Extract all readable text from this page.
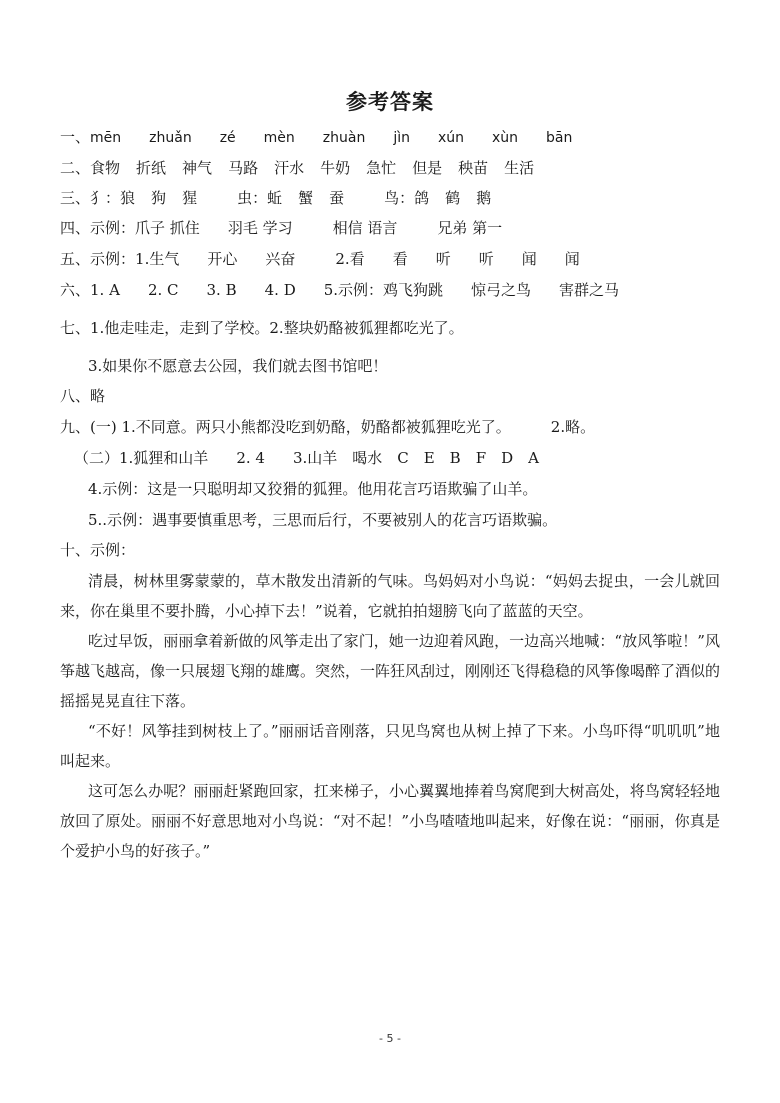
参考答案
一、mēn zhuǎn zé mèn zhuàn jìn xún xùn bān
二、食物 折纸 神气 马路 汗水 牛奶 急忙 但是 秧苗 生活
三、犭：狼 狗 猩	虫：蚯 蟹 蚕	鸟：鸽 鹤 鹅
四、示例：爪子 抓住 羽毛 学习	相信 语言	兄弟 第一
五、示例：1.生气 开心 兴奋	2.看 看 听 听 闻 闻
六、1. A 2. C 3. B 4. D 5.示例：鸡飞狗跳 惊弓之鸟 害群之马
七、1.他走哇走，走到了学校。2.整块奶酪被狐狸都吃光了。
3.如果你不愿意去公园，我们就去图书馆吧！
八、略
九、(一) 1.不同意。两只小熊都没吃到奶酪，奶酪都被狐狸吃光了。	2.略。
（二）1.狐狸和山羊 2. 4 3.山羊　喝水　C　E　B　F　D　A
4.示例：这是一只聪明却又狡猾的狐狸。他用花言巧语欺骗了山羊。
5..示例：遇事要慎重思考，三思而后行，不要被别人的花言巧语欺骗。
十、示例：
清晨，树林里雾蒙蒙的，草木散发出清新的气味。鸟妈妈对小鸟说：“妈妈去捉虫，一会儿就回来，你在巢里不要扑腾，小心掉下去！”说着，它就拍拍翅膀飞向了蓝蓝的天空。
吃过早饭，丽丽拿着新做的风筝走出了家门，她一边迎着风跑，一边高兴地喊：“放风筝啦！”风筝越飞越高，像一只展翅飞翔的雄鹰。突然，一阵狂风刮过，刚刚还飞得稳稳的风筝像喝醉了酒似的摇摇晃晃直往下落。
“不好！风筝挂到树枝上了。”丽丽话音刚落，只见鸟窝也从树上掉了下来。小鸟吓得“叽叽叽”地叫起来。
这可怎么办呢？丽丽赶紧跑回家，扛来梯子，小心翼翼地捧着鸟窝爬到大树高处，将鸟窝轻轻地放回了原处。丽丽不好意思地对小鸟说：“对不起！”小鸟喳喳地叫起来，好像在说：“丽丽，你真是个爱护小鸟的好孩子。”
- 5 -
